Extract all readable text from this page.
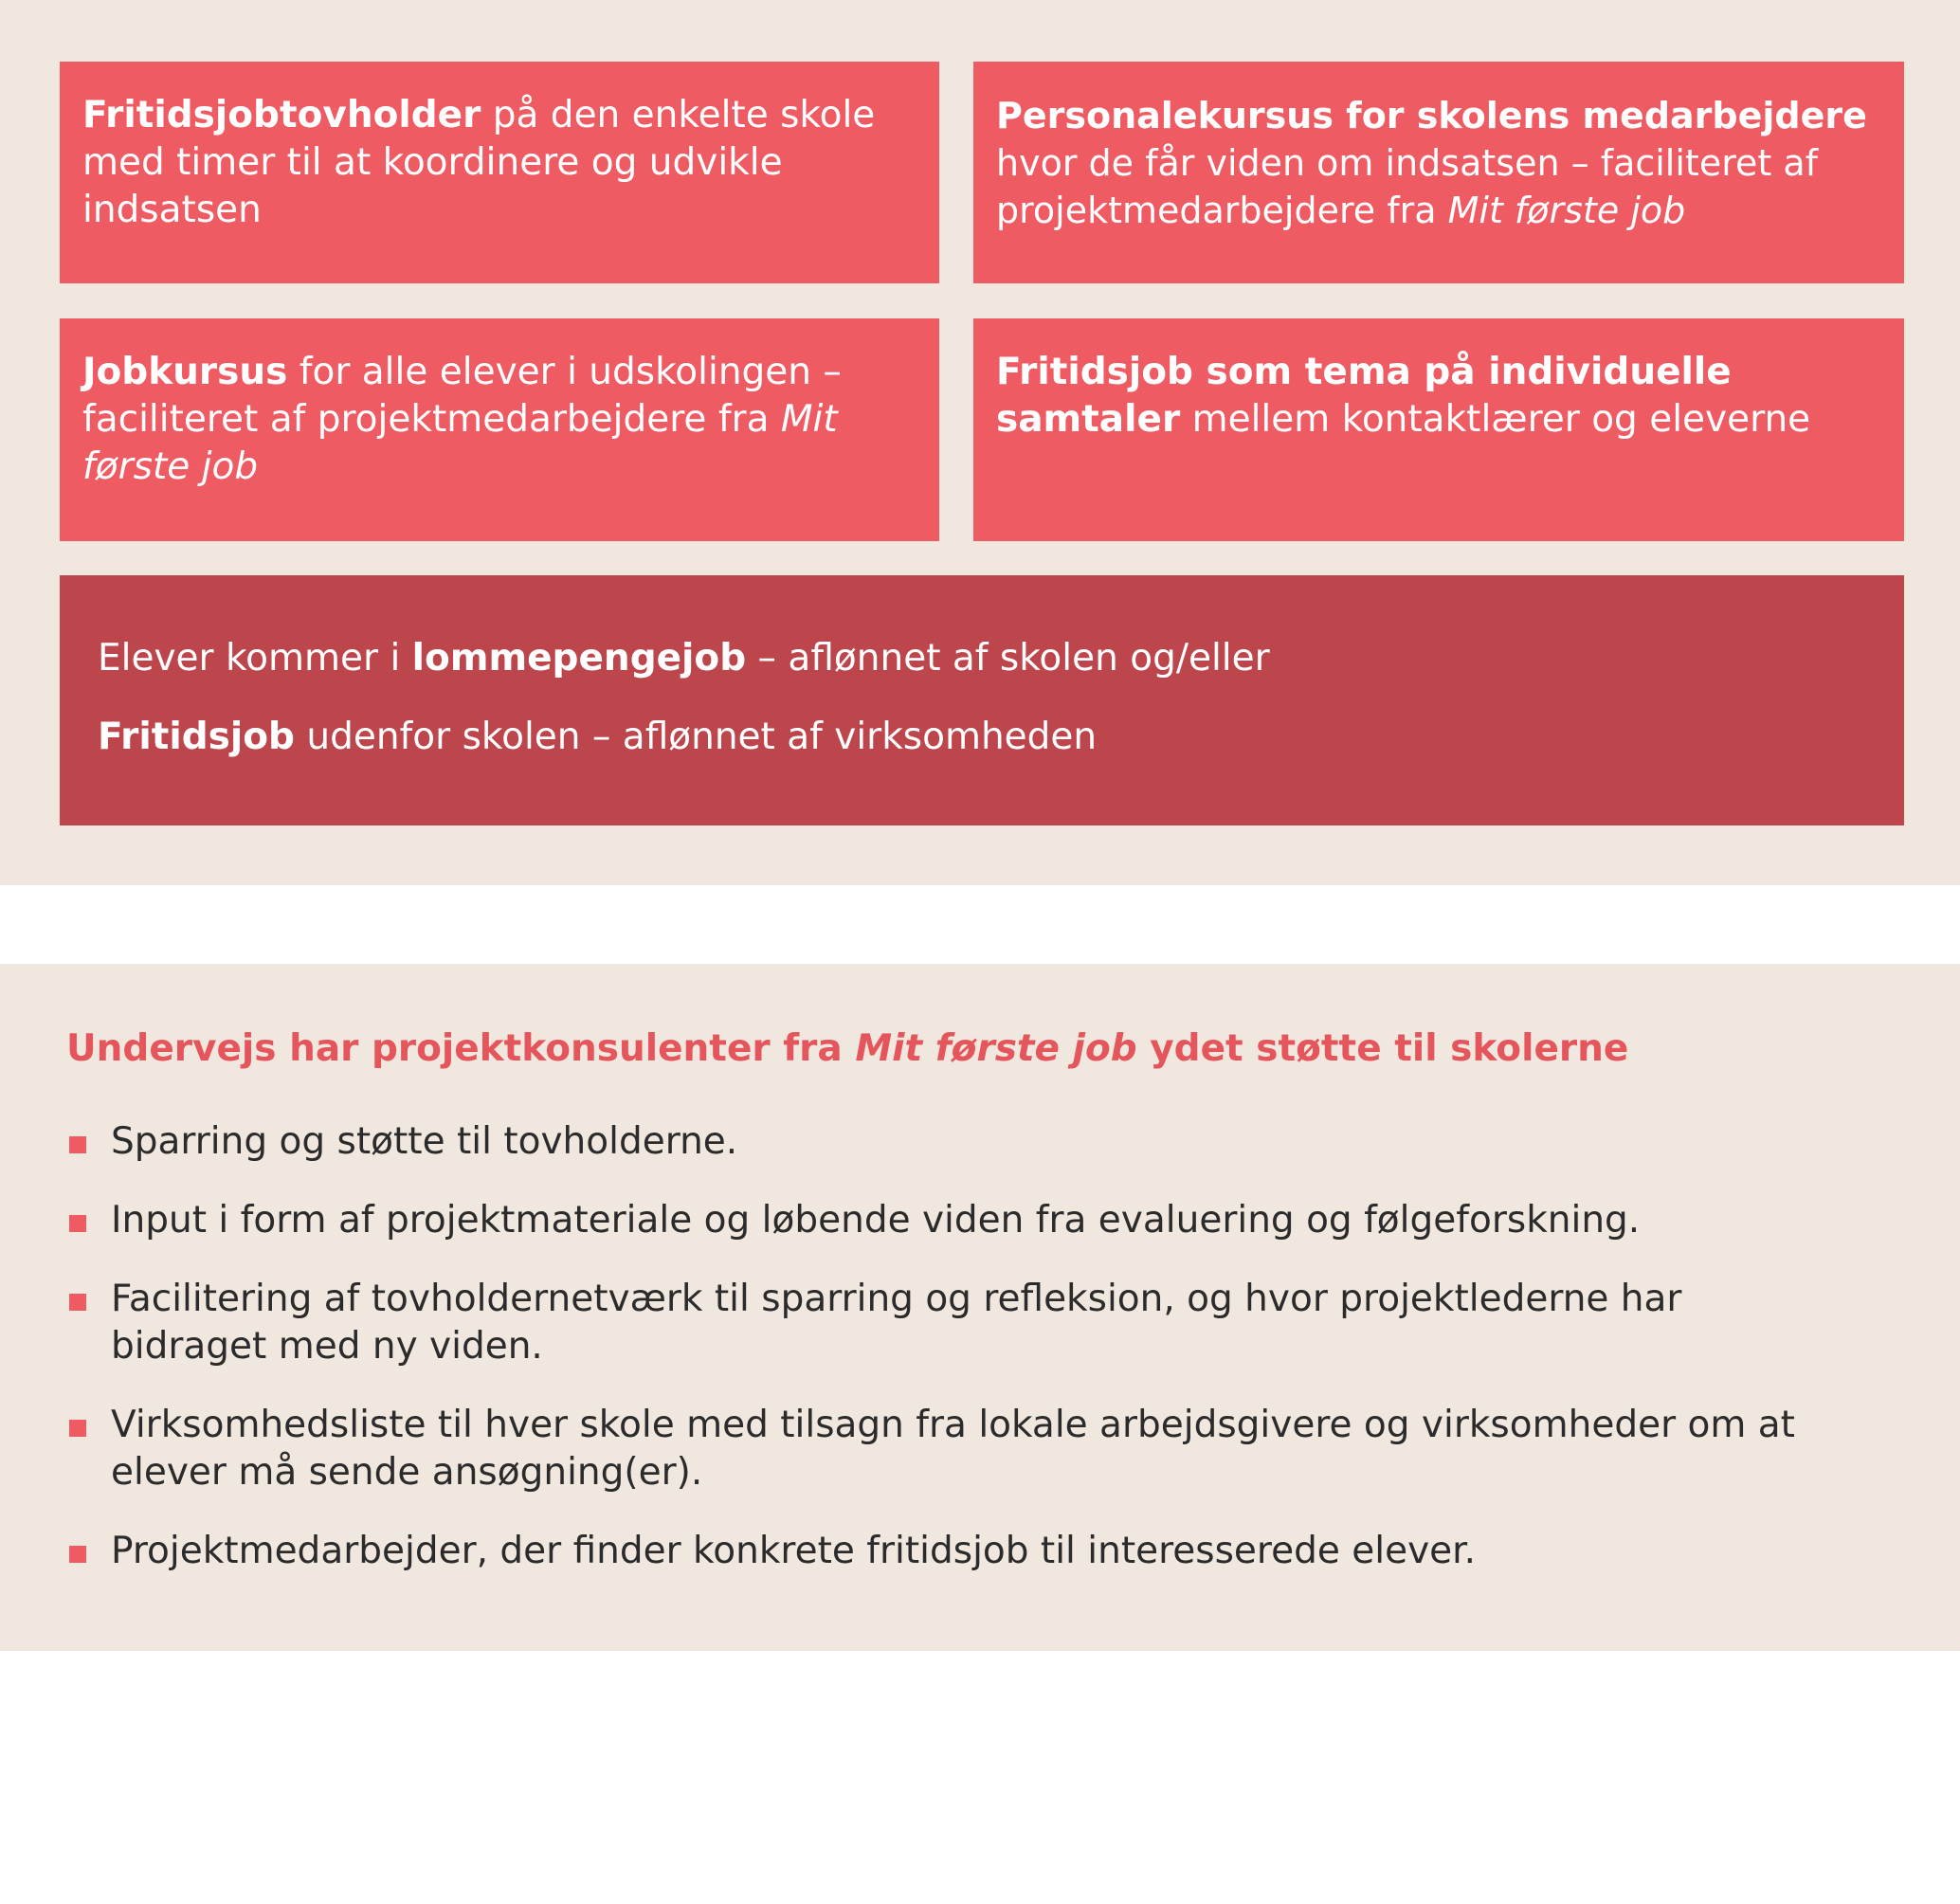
Fritidsjobtovholder på den enkelte skole med timer til at koordinere og udvikle indsatsen
Personalekursus for skolens medarbejdere hvor de får viden om indsatsen – faciliteret af projektmedarbejdere fra Mit første job
Jobkursus for alle elever i udskolingen – faciliteret af projektmedarbejdere fra Mit første job
Fritidsjob som tema på individuelle samtaler mellem kontaktlærer og eleverne
Elever kommer i lommepengejob – aflønnet af skolen og/eller
Fritidsjob udenfor skolen – aflønnet af virksomheden
Undervejs har projektkonsulenter fra Mit første job ydet støtte til skolerne
Sparring og støtte til tovholderne.
Input i form af projektmateriale og løbende viden fra evaluering og følgeforskning.
Facilitering af tovholdernetværk til sparring og refleksion, og hvor projektlederne har bidraget med ny viden.
Virksomhedsliste til hver skole med tilsagn fra lokale arbejdsgivere og virksomheder om at elever må sende ansøgning(er).
Projektmedarbejder, der finder konkrete fritidsjob til interesserede elever.
